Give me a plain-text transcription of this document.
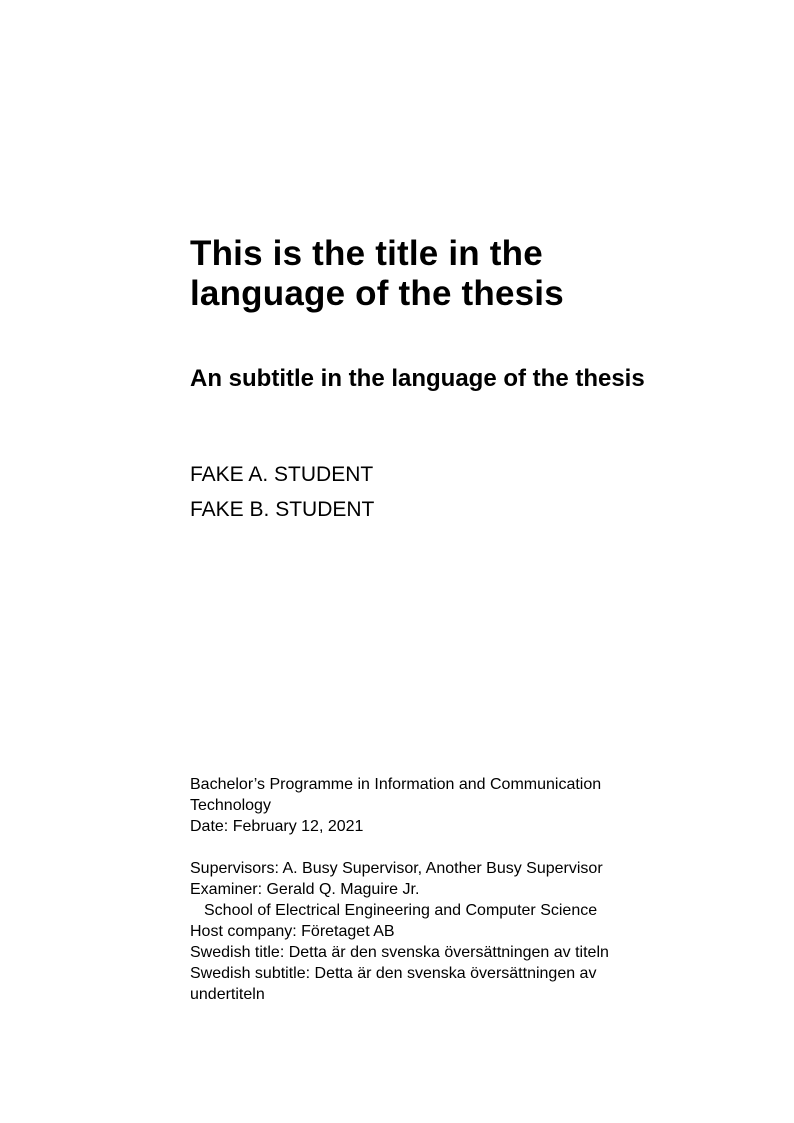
This is the title in the
language of the thesis
An subtitle in the language of the thesis
FAKE A. STUDENT
FAKE B. STUDENT
Bachelor’s Programme in Information and Communication
Technology
Date: February 12, 2021
Supervisors: A. Busy Supervisor, Another Busy Supervisor
Examiner: Gerald Q. Maguire Jr.
School of Electrical Engineering and Computer Science
Host company: Företaget AB
Swedish title: Detta är den svenska översättningen av titeln
Swedish subtitle: Detta är den svenska översättningen av
undertiteln
